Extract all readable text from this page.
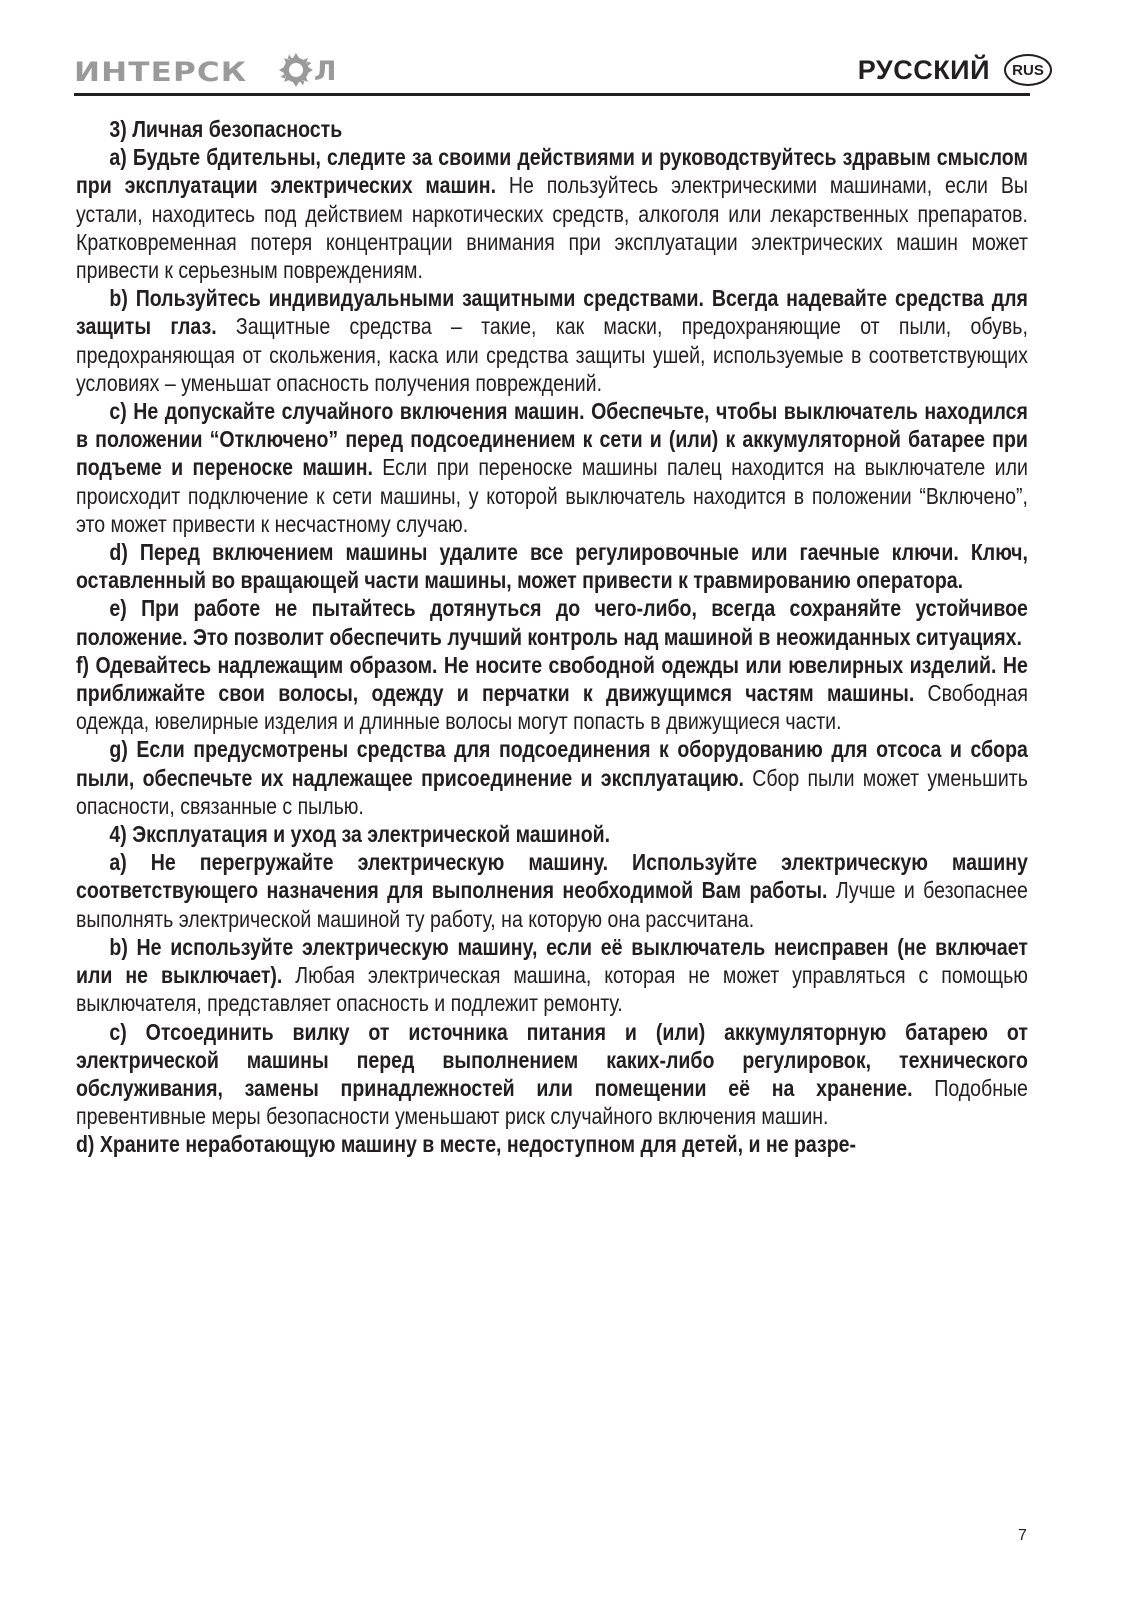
ИНТЕРСК Л	РУССКИЙ	RUS

3) Личная безопасность

a) Будьте бдительны, следите за своими действиями и руководствуйтесь здравым смыслом при эксплуатации электрических машин. Не пользуйтесь электрическими машинами, если Вы устали, находитесь под действием наркотических средств, алкоголя или лекарственных препаратов. Кратковременная потеря концентрации внимания при эксплуатации электрических машин может привести к серьезным повреждениям.

b) Пользуйтесь индивидуальными защитными средствами. Всегда надевайте средства для защиты глаз. Защитные средства – такие, как маски, предохраняющие от пыли, обувь, предохраняющая от скольжения, каска или средства защиты ушей, используемые в соответствующих условиях – уменьшат опасность получения повреждений.

c) Не допускайте случайного включения машин. Обеспечьте, чтобы выключатель находился в положении “Отключено” перед подсоединением к сети и (или) к аккумуляторной батарее при подъеме и переноске машин. Если при переноске машины палец находится на выключателе или происходит подключение к сети машины, у которой выключатель находится в положении “Включено”, это может привести к несчастному случаю.

d) Перед включением машины удалите все регулировочные или гаечные ключи. Ключ, оставленный во вращающей части машины, может привести к травмированию оператора.

e) При работе не пытайтесь дотянуться до чего-либо, всегда сохраняйте устойчивое положение. Это позволит обеспечить лучший контроль над машиной в неожиданных ситуациях.

f) Одевайтесь надлежащим образом. Не носите свободной одежды или ювелирных изделий. Не приближайте свои волосы, одежду и перчатки к движущимся частям машины. Свободная одежда, ювелирные изделия и длинные волосы могут попасть в движущиеся части.

g) Если предусмотрены средства для подсоединения к оборудованию для отсоса и сбора пыли, обеспечьте их надлежащее присоединение и эксплуатацию. Сбор пыли может уменьшить опасности, связанные с пылью.

4) Эксплуатация и уход за электрической машиной.

a) Не перегружайте электрическую машину. Используйте электрическую машину соответствующего назначения для выполнения необходимой Вам работы. Лучше и безопаснее выполнять электрической машиной ту работу, на которую она рассчитана.

b) Не используйте электрическую машину, если её выключатель неисправен (не включает или не выключает). Любая электрическая машина, которая не может управляться с помощью выключателя, представляет опасность и подлежит ремонту.

c) Отсоединить вилку от источника питания и (или) аккумуляторную батарею от электрической машины перед выполнением каких-либо регулировок, технического обслуживания, замены принадлежностей или помещении её на хранение. Подобные превентивные меры безопасности уменьшают риск случайного включения машин.

d) Храните неработающую машину в месте, недоступном для детей, и не разре-

7
